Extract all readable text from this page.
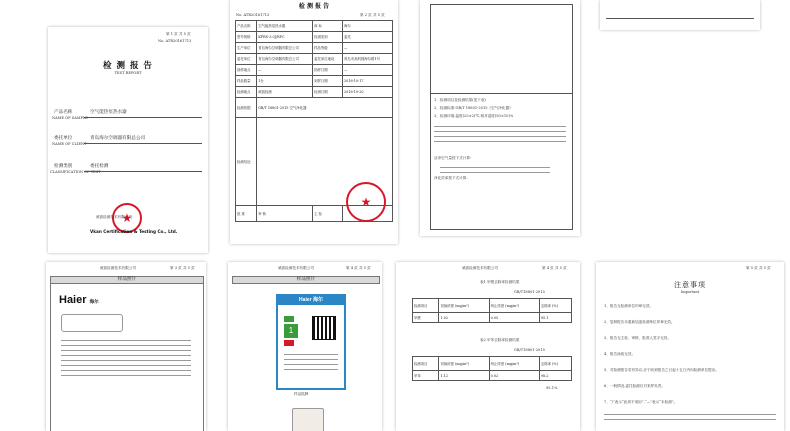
第 1 页 共 5 页
No. ATR20161713
检 测 报 告
TEST REPORT
产品名称
NAME OF SAMPLE
空气能热泵热水器
委托单位
NAME OF CLIENT
青岛海尔空调器有限总公司
检测类别
CLASSIFICATION OF TEST
委托检测
★
威凯检测技术有限公司
Vkan Certification & Testing Co., Ltd.
检 测 报 告
No. ATR20161713	第 2 页 共 5 页
产品名称	空气能热泵热水器	商 标	海尔
型号规格	KFRS-3.0J/RFC	检测类别	委托
生产单位	青岛海尔空调器有限总公司	样品等级	—
委托单位	青岛海尔空调器有限总公司	委托单位地址	青岛市高科园海尔路1号
抽样地点	—	抽样日期	—
样品数量	1台	到样日期	2016-10-17
检测地点	威凯检测	检测日期	2016-10-20
检测依据	GB/T 18801-2015 空气净化器		
检测结论			
批 准	审 核	主 检	
★
1、检测项目及检测结果(见下表)
2、检测标准:GB/T 18801-2015《空气净化器》
3、检测环境:温度(25±2)℃,相对湿度(50±10)%
洁净空气量按下式计算:
净化效率按下式计算:
威凯检测技术有限公司	第 3 页 共 5 页
样品照片
Haier 海尔
威凯检测技术有限公司	第 4 页 共 5 页
样品照片
Haier 海尔
1
样品铭牌
威凯检测技术有限公司	第 4 页 共 5 页
表1 甲醛去除率检测结果
GB/T18801-2015
检测项目	初始浓度 (mg/m³)	终止浓度 (mg/m³)	去除率 (%)
甲醛	1.02	0.05	95.1
表2 甲苯去除率检测结果
GB/T18801-2015
检测项目	初始浓度 (mg/m³)	终止浓度 (mg/m³)	去除率 (%)
甲苯	1.12	0.02	98.2
95.1%
第 5 页 共 5 页
注意事项
Important
1、报告无检测单位印章无效。
2、复制报告未重新加盖检测单位印章无效。
3、报告无主检、审核、批准人签字无效。
4、报告涂改无效。
5、对检测报告若有异议,应于收到报告之日起十五日内向检测单位提出。
6、一般情况,委托检测仅对来样负责。
7、“/”表示“此项不适用”,“—”表示“未检测”。
